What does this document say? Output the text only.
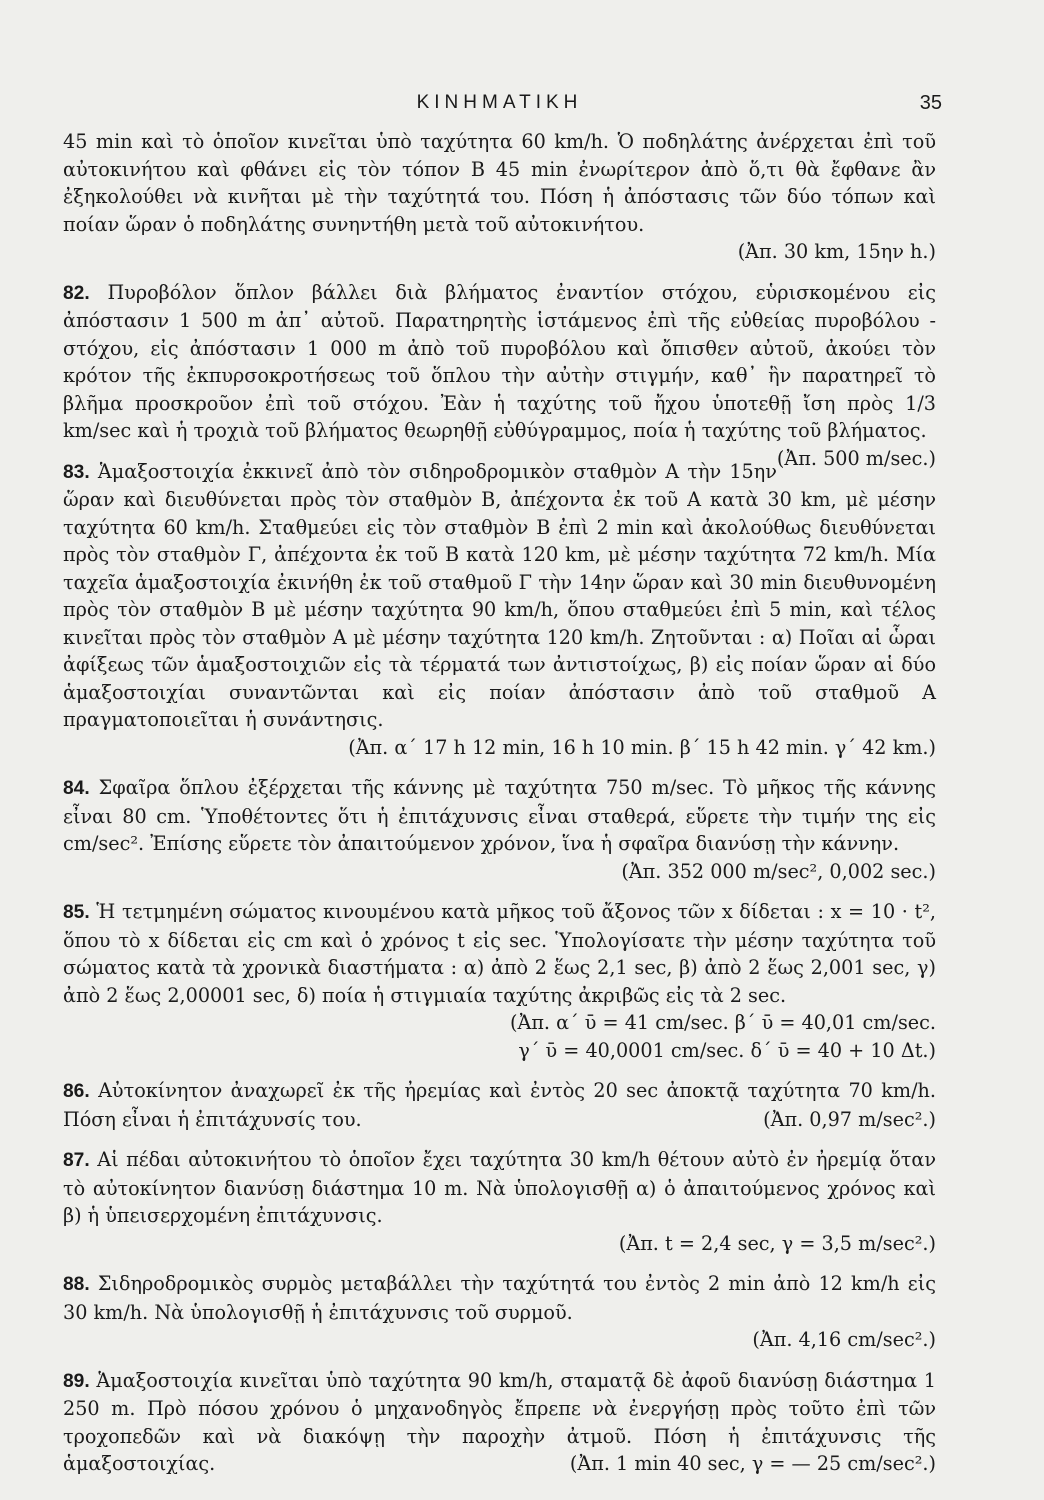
ΚΙΝΗΜΑΤΙΚΗ	35

45 min καὶ τὸ ὁποῖον κινεῖται ὑπὸ ταχύτητα 60 km/h. Ὁ ποδηλάτης ἀνέρχεται ἐπὶ τοῦ αὐτοκινήτου καὶ φθάνει εἰς τὸν τόπον Β 45 min ἐνωρίτερον ἀπὸ ὅ,τι θὰ ἔφθανε ἂν ἐξηκολούθει νὰ κινῆται μὲ τὴν ταχύτητά του. Πόση ἡ ἀπόστασις τῶν δύο τόπων καὶ ποίαν ὥραν ὁ ποδηλάτης συνηντήθη μετὰ τοῦ αὐτοκινήτου.
(Ἀπ. 30 km, 15ην h.)

82. Πυροβόλον ὅπλον βάλλει διὰ βλήματος ἐναντίον στόχου, εὑρισκομένου εἰς ἀπόστασιν 1 500 m ἀπ᾽ αὐτοῦ. Παρατηρητὴς ἱστάμενος ἐπὶ τῆς εὐθείας πυροβόλου - στόχου, εἰς ἀπόστασιν 1 000 m ἀπὸ τοῦ πυροβόλου καὶ ὄπισθεν αὐτοῦ, ἀκούει τὸν κρότον τῆς ἐκπυρσοκροτήσεως τοῦ ὅπλου τὴν αὐτὴν στιγμήν, καθ᾽ ἣν παρατηρεῖ τὸ βλῆμα προσκροῦον ἐπὶ τοῦ στόχου. Ἐὰν ἡ ταχύτης τοῦ ἤχου ὑποτεθῇ ἴση πρὸς 1/3 km/sec καὶ ἡ τροχιὰ τοῦ βλήματος θεωρηθῇ εὐθύγραμμος, ποία ἡ ταχύτης τοῦ βλήματος.
(Ἀπ. 500 m/sec.)

83. Ἁμαξοστοιχία ἐκκινεῖ ἀπὸ τὸν σιδηροδρομικὸν σταθμὸν Α τὴν 15ην ὥραν καὶ διευθύνεται πρὸς τὸν σταθμὸν Β, ἀπέχοντα ἐκ τοῦ Α κατὰ 30 km, μὲ μέσην ταχύτητα 60 km/h. Σταθμεύει εἰς τὸν σταθμὸν Β ἐπὶ 2 min καὶ ἀκολούθως διευθύνεται πρὸς τὸν σταθμὸν Γ, ἀπέχοντα ἐκ τοῦ Β κατὰ 120 km, μὲ μέσην ταχύτητα 72 km/h. Μία ταχεῖα ἁμαξοστοιχία ἐκινήθη ἐκ τοῦ σταθμοῦ Γ τὴν 14ην ὥραν καὶ 30 min διευθυνομένη πρὸς τὸν σταθμὸν Β μὲ μέσην ταχύτητα 90 km/h, ὅπου σταθμεύει ἐπὶ 5 min, καὶ τέλος κινεῖται πρὸς τὸν σταθμὸν Α μὲ μέσην ταχύτητα 120 km/h. Ζητοῦνται : α) Ποῖαι αἱ ὧραι ἀφίξεως τῶν ἁμαξοστοιχιῶν εἰς τὰ τέρματά των ἀντιστοίχως, β) εἰς ποίαν ὥραν αἱ δύο ἁμαξοστοιχίαι συναντῶνται καὶ εἰς ποίαν ἀπόστασιν ἀπὸ τοῦ σταθμοῦ Α πραγματοποιεῖται ἡ συνάντησις.
(Ἀπ. α΄ 17 h 12 min, 16 h 10 min. β΄ 15 h 42 min. γ΄ 42 km.)

84. Σφαῖρα ὅπλου ἐξέρχεται τῆς κάννης μὲ ταχύτητα 750 m/sec. Τὸ μῆκος τῆς κάννης εἶναι 80 cm. Ὑποθέτοντες ὅτι ἡ ἐπιτάχυνσις εἶναι σταθερά, εὕρετε τὴν τιμήν της εἰς cm/sec². Ἐπίσης εὕρετε τὸν ἀπαιτούμενον χρόνον, ἵνα ἡ σφαῖρα διανύσῃ τὴν κάννην.
(Ἀπ. 352 000 m/sec², 0,002 sec.)

85. Ἡ τετμημένη σώματος κινουμένου κατὰ μῆκος τοῦ ἄξονος τῶν x δίδεται : x = 10 · t², ὅπου τὸ x δίδεται εἰς cm καὶ ὁ χρόνος t εἰς sec. Ὑπολογίσατε τὴν μέσην ταχύτητα τοῦ σώματος κατὰ τὰ χρονικὰ διαστήματα : α) ἀπὸ 2 ἕως 2,1 sec, β) ἀπὸ 2 ἕως 2,001 sec, γ) ἀπὸ 2 ἕως 2,00001 sec, δ) ποία ἡ στιγμιαία ταχύτης ἀκριβῶς εἰς τὰ 2 sec.
(Ἀπ. α΄ ῡ = 41 cm/sec. β΄ ῡ = 40,01 cm/sec.
γ΄ ῡ = 40,0001 cm/sec. δ΄ ῡ = 40 + 10 Δt.)

86. Αὐτοκίνητον ἀναχωρεῖ ἐκ τῆς ἠρεμίας καὶ ἐντὸς 20 sec ἀποκτᾷ ταχύτητα 70 km/h. Πόση εἶναι ἡ ἐπιτάχυνσίς του.	(Ἀπ. 0,97 m/sec².)

87. Αἱ πέδαι αὐτοκινήτου τὸ ὁποῖον ἔχει ταχύτητα 30 km/h θέτουν αὐτὸ ἐν ἠρεμίᾳ ὅταν τὸ αὐτοκίνητον διανύσῃ διάστημα 10 m. Νὰ ὑπολογισθῇ α) ὁ ἀπαιτούμενος χρόνος καὶ β) ἡ ὑπεισερχομένη ἐπιτάχυνσις.
(Ἀπ. t = 2,4 sec, γ = 3,5 m/sec².)

88. Σιδηροδρομικὸς συρμὸς μεταβάλλει τὴν ταχύτητά του ἐντὸς 2 min ἀπὸ 12 km/h εἰς 30 km/h. Νὰ ὑπολογισθῇ ἡ ἐπιτάχυνσις τοῦ συρμοῦ.
(Ἀπ. 4,16 cm/sec².)

89. Ἁμαξοστοιχία κινεῖται ὑπὸ ταχύτητα 90 km/h, σταματᾷ δὲ ἀφοῦ διανύσῃ διάστημα 1 250 m. Πρὸ πόσου χρόνου ὁ μηχανοδηγὸς ἔπρεπε νὰ ἐνεργήσῃ πρὸς τοῦτο ἐπὶ τῶν τροχοπεδῶν καὶ νὰ διακόψῃ τὴν παροχὴν ἀτμοῦ. Πόση ἡ ἐπιτάχυνσις τῆς ἁμαξοστοιχίας.	(Ἀπ. 1 min 40 sec, γ = — 25 cm/sec².)
